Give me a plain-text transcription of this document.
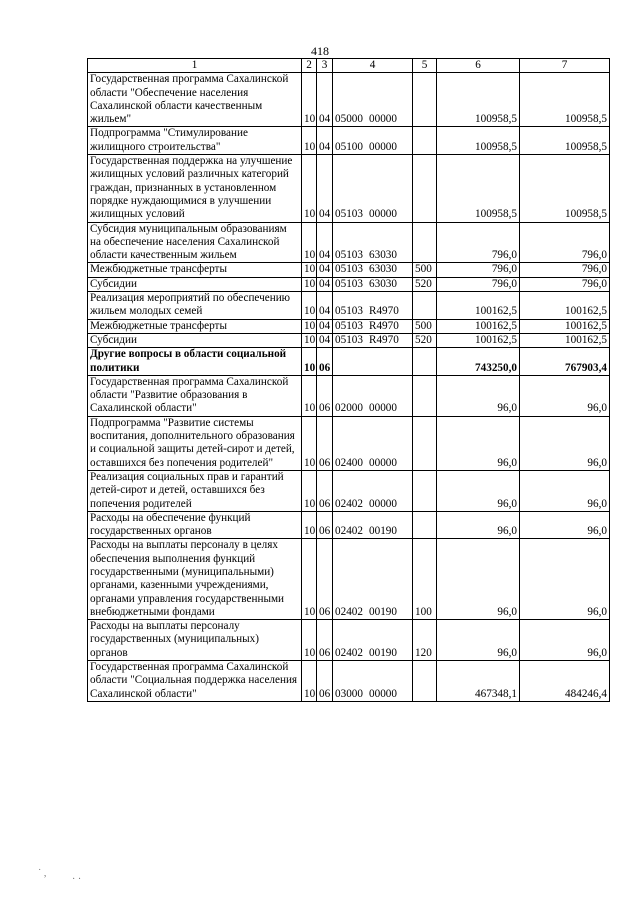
418
1	2	3	4	5	6	7
Государственная программа Сахалинской области "Обеспечение населения Сахалинской области качественным жильем"	10	04	05000 00000		100958,5	100958,5
Подпрограмма "Стимулирование жилищного строительства"	10	04	05100 00000		100958,5	100958,5
Государственная поддержка на улучшение жилищных условий различных категорий граждан, признанных в установленном порядке нуждающимися в улучшении жилищных условий	10	04	05103 00000		100958,5	100958,5
Субсидия муниципальным образованиям на обеспечение населения Сахалинской области качественным жильем	10	04	05103 63030		796,0	796,0
Межбюджетные трансферты	10	04	05103 63030	500	796,0	796,0
Субсидии	10	04	05103 63030	520	796,0	796,0
Реализация мероприятий по обеспечению жильем молодых семей	10	04	05103 R4970		100162,5	100162,5
Межбюджетные трансферты	10	04	05103 R4970	500	100162,5	100162,5
Субсидии	10	04	05103 R4970	520	100162,5	100162,5
Другие вопросы в области социальной политики	10	06			743250,0	767903,4
Государственная программа Сахалинской области "Развитие образования в Сахалинской области"	10	06	02000 00000		96,0	96,0
Подпрограмма "Развитие системы воспитания, дополнительного образования и социальной защиты детей-сирот и детей, оставшихся без попечения родителей"	10	06	02400 00000		96,0	96,0
Реализация социальных прав и гарантий детей-сирот и детей, оставшихся без попечения родителей	10	06	02402 00000		96,0	96,0
Расходы на обеспечение функций государственных органов	10	06	02402 00190		96,0	96,0
Расходы на выплаты персоналу в целях обеспечения выполнения функций государственными (муниципальными) органами, казенными учреждениями, органами управления государственными внебюджетными фондами	10	06	02402 00190	100	96,0	96,0
Расходы на выплаты персоналу государственных (муниципальных) органов	10	06	02402 00190	120	96,0	96,0
Государственная программа Сахалинской области "Социальная поддержка населения Сахалинской области"	10	06	03000 00000		467348,1	484246,4
˙ ,
· ·
